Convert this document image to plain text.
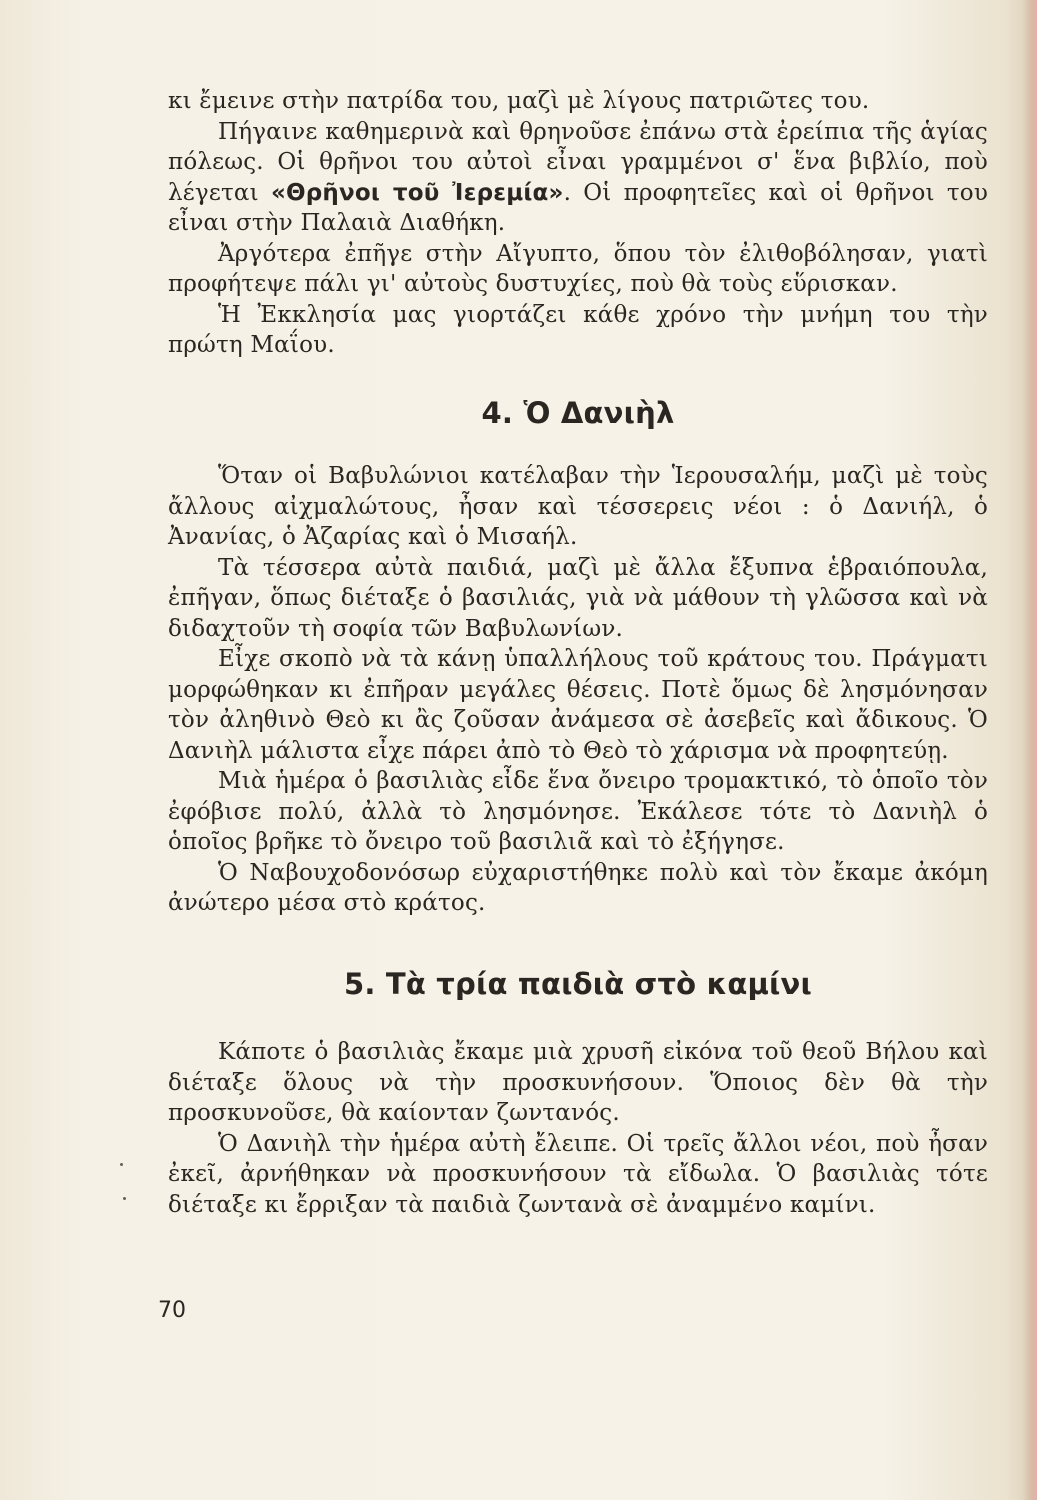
κι ἔμεινε στὴν πατρίδα του, μαζὶ μὲ λίγους πατριῶτες του.

Πήγαινε καθημερινὰ καὶ θρηνοῦσε ἐπάνω στὰ ἐρείπια τῆς ἁγίας πόλεως. Οἱ θρῆνοι του αὐτοὶ εἶναι γραμμένοι σ' ἕνα βιβλίο, ποὺ λέγεται «Θρῆνοι τοῦ Ἰερεμία». Οἱ προφητεῖες καὶ οἱ θρῆνοι του εἶναι στὴν Παλαιὰ Διαθήκη.

Ἀργότερα ἐπῆγε στὴν Αἴγυπτο, ὅπου τὸν ἐλιθοβόλησαν, γιατὶ προφήτεψε πάλι γι' αὐτοὺς δυστυχίες, ποὺ θὰ τοὺς εὕρισκαν.

Ἡ Ἐκκλησία μας γιορτάζει κάθε χρόνο τὴν μνήμη του τὴν πρώτη Μαΐου.

4. Ὁ Δανιὴλ

Ὅταν οἱ Βαβυλώνιοι κατέλαβαν τὴν Ἱερουσαλήμ, μαζὶ μὲ τοὺς ἄλλους αἰχμαλώτους, ἦσαν καὶ τέσσερεις νέοι : ὁ Δανιήλ, ὁ Ἀνανίας, ὁ Ἀζαρίας καὶ ὁ Μισαήλ.

Τὰ τέσσερα αὐτὰ παιδιά, μαζὶ μὲ ἄλλα ἔξυπνα ἑβραιόπουλα, ἐπῆγαν, ὅπως διέταξε ὁ βασιλιάς, γιὰ νὰ μάθουν τὴ γλῶσσα καὶ νὰ διδαχτοῦν τὴ σοφία τῶν Βαβυλωνίων.

Εἶχε σκοπὸ νὰ τὰ κάνῃ ὑπαλλήλους τοῦ κράτους του. Πράγματι μορφώθηκαν κι ἐπῆραν μεγάλες θέσεις. Ποτὲ ὅμως δὲ λησμόνησαν τὸν ἀληθινὸ Θεὸ κι ἂς ζοῦσαν ἀνάμεσα σὲ ἀσεβεῖς καὶ ἄδικους. Ὁ Δανιὴλ μάλιστα εἶχε πάρει ἀπὸ τὸ Θεὸ τὸ χάρισμα νὰ προφητεύῃ.

Μιὰ ἡμέρα ὁ βασιλιὰς εἶδε ἕνα ὄνειρο τρομακτικό, τὸ ὁποῖο τὸν ἐφόβισε πολύ, ἀλλὰ τὸ λησμόνησε. Ἐκάλεσε τότε τὸ Δανιὴλ ὁ ὁποῖος βρῆκε τὸ ὄνειρο τοῦ βασιλιᾶ καὶ τὸ ἐξήγησε.

Ὁ Ναβουχοδονόσωρ εὐχαριστήθηκε πολὺ καὶ τὸν ἔκαμε ἀκόμη ἀνώτερο μέσα στὸ κράτος.

5. Τὰ τρία παιδιὰ στὸ καμίνι

Κάποτε ὁ βασιλιὰς ἔκαμε μιὰ χρυσῆ εἰκόνα τοῦ θεοῦ Βήλου καὶ διέταξε ὅλους νὰ τὴν προσκυνήσουν. Ὅποιος δὲν θὰ τὴν προσκυνοῦσε, θὰ καίονταν ζωντανός.

Ὁ Δανιὴλ τὴν ἡμέρα αὐτὴ ἔλειπε. Οἱ τρεῖς ἄλλοι νέοι, ποὺ ἦσαν ἐκεῖ, ἀρνήθηκαν νὰ προσκυνήσουν τὰ εἴδωλα. Ὁ βασιλιὰς τότε διέταξε κι ἔρριξαν τὰ παιδιὰ ζωντανὰ σὲ ἀναμμένο καμίνι.

70
